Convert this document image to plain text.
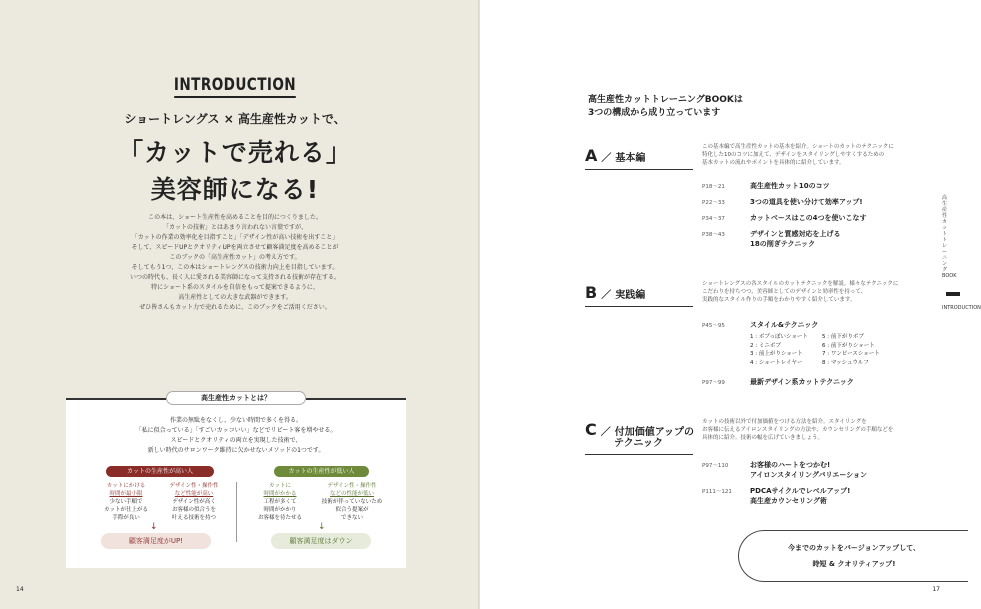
INTRODUCTION
ショートレングス × 高生産性カットで、
「カットで売れる」
美容師になる!
この本は、ショート生産性を高めることを目的につくりました。
「カットの技術」とはあまり言われない言葉ですが、
「カットの作業の効率化を目指すこと」「デザイン性が高い技術を出すこと」
そして、スピードUPとクオリティUPを両立させて顧客満足度を高めることが
このブックの「高生産性カット」の考え方です。
そしてもう1つ、この本はショートレングスの技術力向上を目指しています。
いつの時代も、長く人に愛される美容師になって支持される技術が存在する。
特にショート系のスタイルを自信をもって提案できるように、
高生産性としての大きな武器ができます。
ぜひ皆さんもカット力で売れるために、このブックをご活用ください。
高生産性カットとは？
作業の無駄をなくし、少ない時間で多くを得る。
「私に似合っている」「すごいカッコいい」などでリピート客を増やせる。
スピードとクオリティの両立を実現した技術で、
新しい時代のサロンワーク維持に欠かせないメソッドの1つです。
カットの生産性が高い人	カットの生産性が低い人
カットにかける
時間が最小限
少ない手順で
カットが仕上がる
手際が良い
デザイン性・操作性
など性能が高い
デザイン性が高く
お客様の似合うを
叶える技術を持つ
カットに
時間がかかる
工程が多くて
時間がかかり
お客様を待たせる
デザイン性・操作性
などの性能が低い
技術が伴っていないため
似合う提案が
できない
↓	↓
顧客満足度がUP!	顧客満足度はダウン
14
高生産性カットトレーニングBOOKは
3つの構成から成り立っています
A ／ 基本編
この基本編で高生産性カットの基本を紹介。ショートのカットのテクニックに
特化した10のコツに加えて、デザインをスタイリングしやすくするための
基本カットの流れやポイントを具体的に紹介しています。
P18〜21	高生産性カット10のコツ
P22〜33	3つの道具を使い分けて効率アップ!
P34〜37	カットベースはこの4つを使いこなす
P38〜43	デザインと質感対応を上げる
18の削ぎテクニック
B ／ 実践編
ショートレングスの各スタイルのカットテクニックを解説。様々なテクニックに
こだわりを持ちつつ、美容師としてのデザインと効率性を持って、
実践的なスタイル作りの手順をわかりやすく紹介しています。
P45〜95	スタイル&テクニック
1 : ボブっぽいショート	5 : 前下がりボブ
2 : ミニボブ	6 : 前下がりショート
3 : 前上がりショート	7 : ワンピースショート
4 : ショートレイヤー	8 : マッシュウルフ
P97〜99	最新デザイン系カットテクニック
C ／ 付加価値アップの
テクニック
カットの技術以外で付加価値をつける方法を紹介。スタイリングを
お客様に伝えるアイロンスタイリングの方法や、カウンセリングの手順などを
具体的に紹介。技術の幅を広げていきましょう。
P97〜110	お客様のハートをつかむ!
アイロンスタイリングバリエーション
P111〜121	PDCAサイクルでレベルアップ!
高生産カウンセリング術
高生産性カットトレーニングBOOK
INTRODUCTION
今までのカットをバージョンアップして、
時短 & クオリティアップ!
17
